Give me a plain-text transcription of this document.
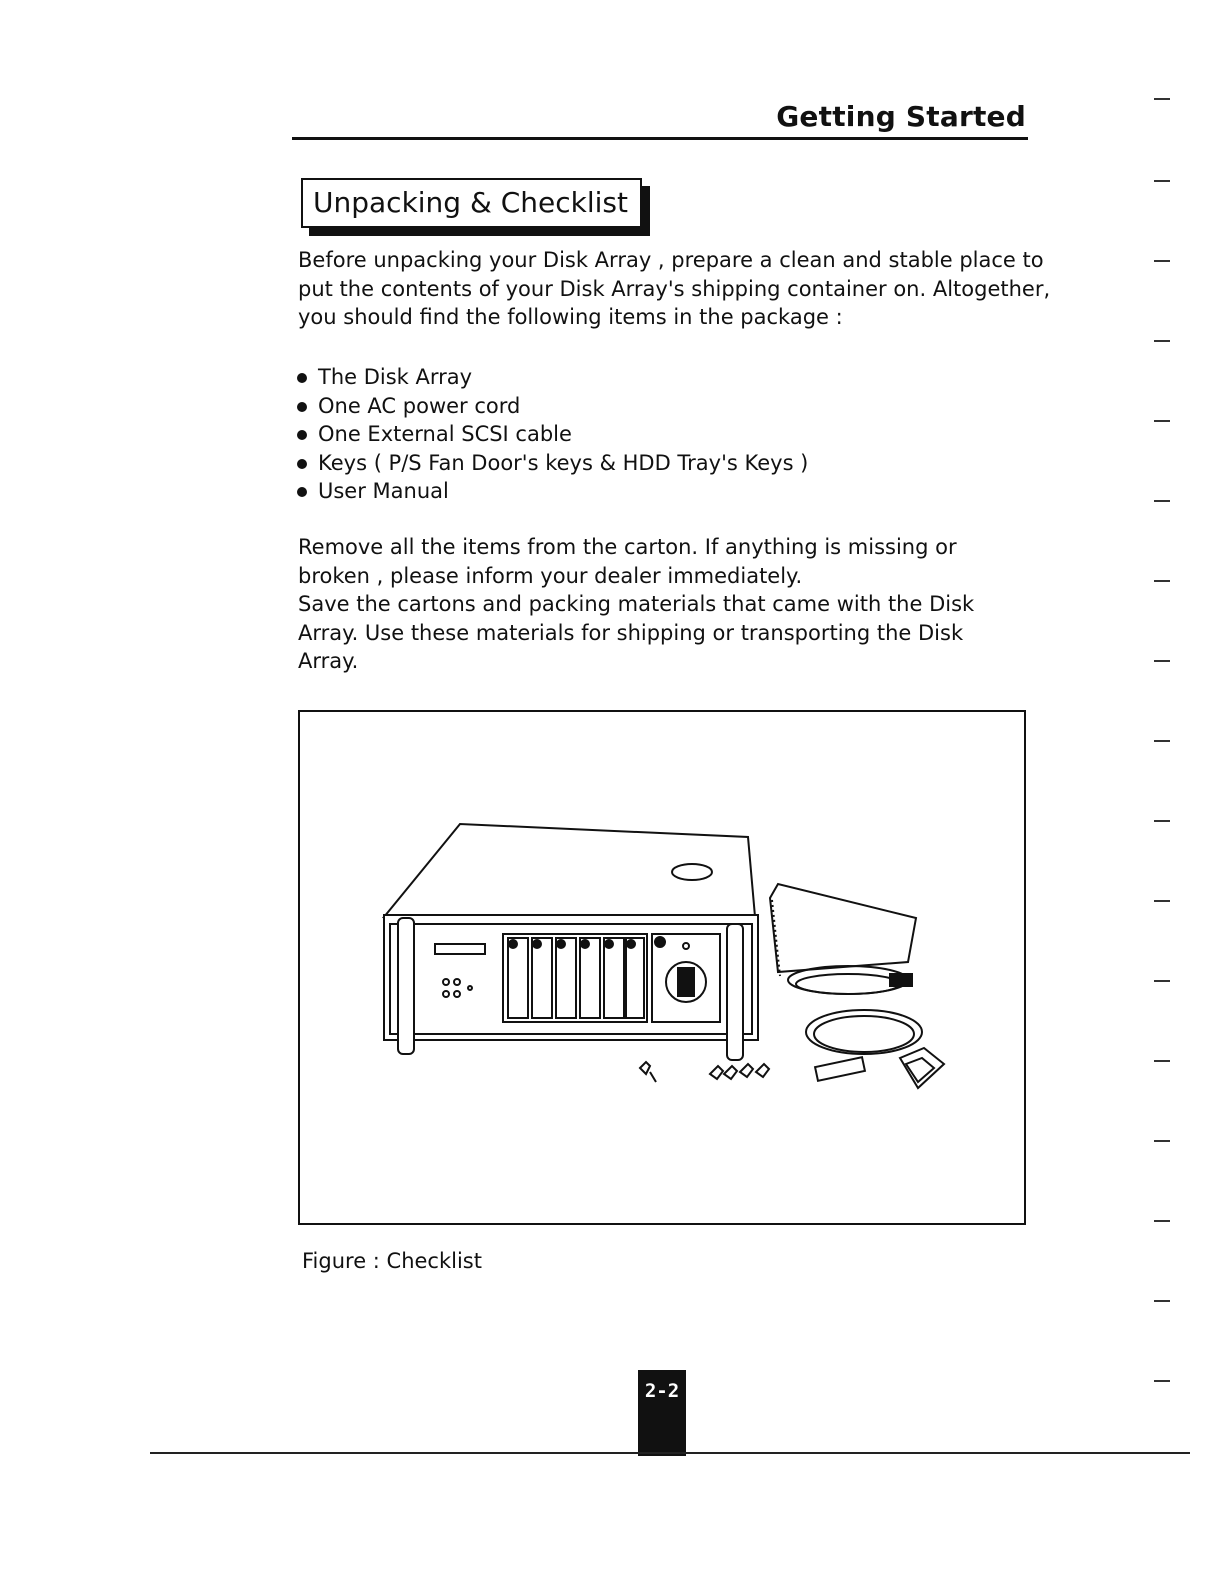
Getting Started
Unpacking & Checklist

Before unpacking your Disk Array , prepare a clean and stable place to put the contents of your Disk Array's shipping container on. Altogether, you should find the following items in the package :

The Disk Array
One AC power cord
One External SCSI cable
Keys ( P/S Fan Door's keys & HDD Tray's Keys )
User Manual

Remove all the items from the carton. If anything is missing or broken , please inform your dealer immediately.

Save the cartons and packing materials that came with the Disk Array. Use these materials for shipping or transporting the Disk Array.

Figure : Checklist
2-2
